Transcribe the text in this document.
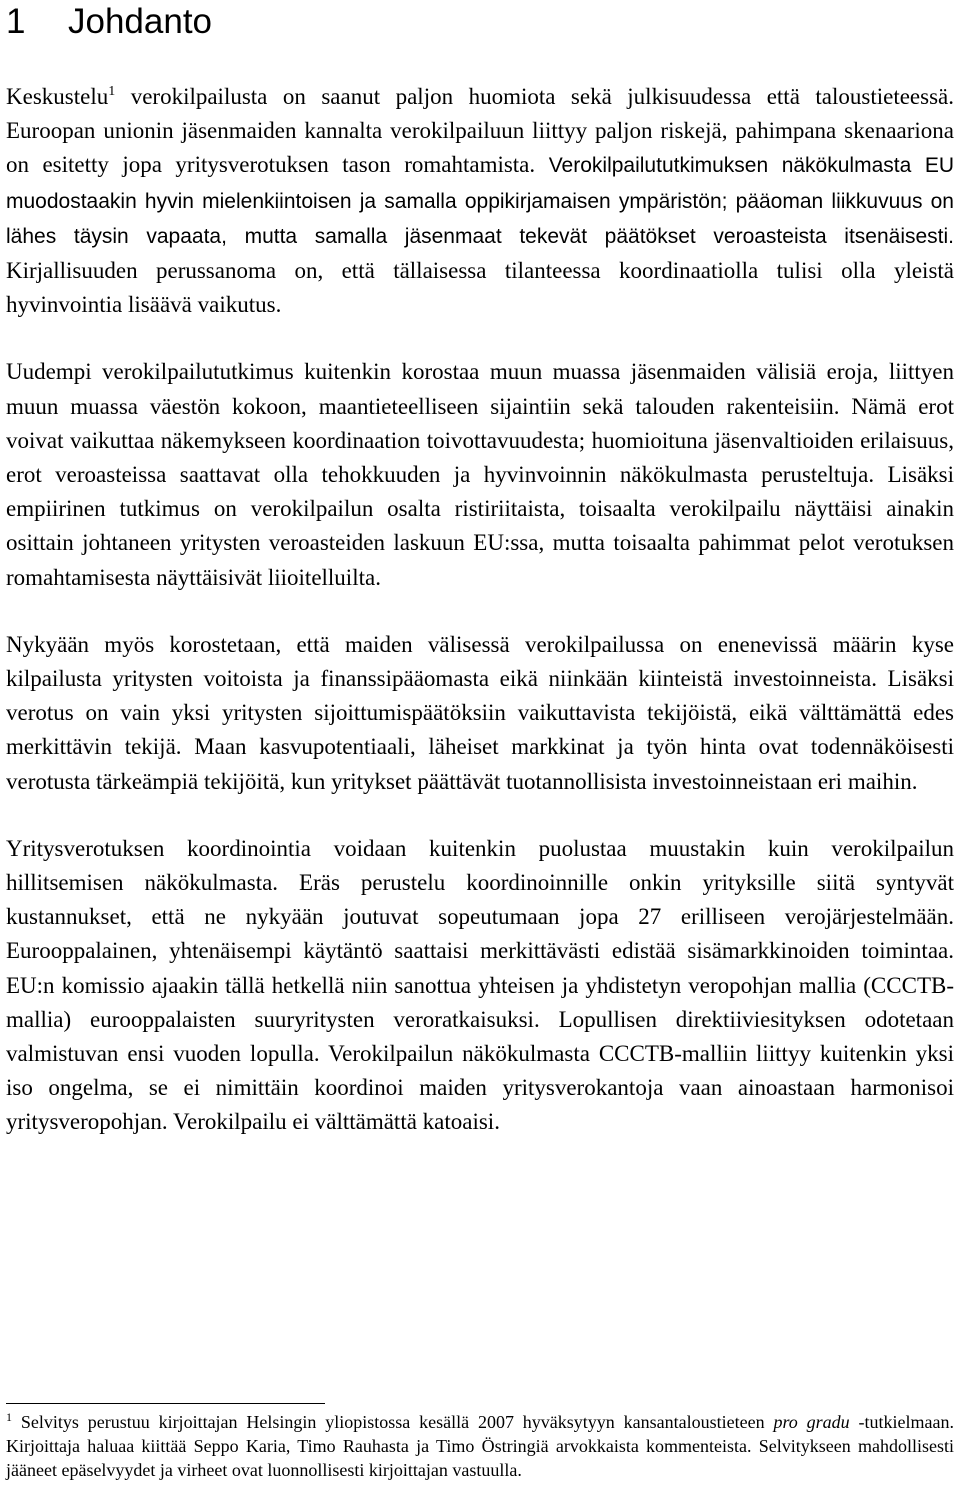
1 Johdanto

Keskustelu$^1$ verokilpailusta on saanut paljon huomiota sekä julkisuudessa että taloustieteessä. Euroopan unionin jäsenmaiden kannalta verokilpailuun liittyy paljon riskejä, pahimpana skenaariona on esitetty jopa yritysverotuksen tason romahtamista. Verokilpailututkimuksen näkökulmasta EU muodostaakin hyvin mielenkiintoisen ja samalla oppikirjamaisen ympäristön; pääoman liikkuvuus on lähes täysin vapaata, mutta samalla jäsenmaat tekevät päätökset veroasteista itsenäisesti. Kirjallisuuden perussanoma on, että tällaisessa tilanteessa koordinaatiolla tulisi olla yleistä hyvinvointia lisäävä vaikutus.

Uudempi verokilpailututkimus kuitenkin korostaa muun muassa jäsenmaiden välisiä eroja, liittyen muun muassa väestön kokoon, maantieteelliseen sijaintiin sekä talouden rakenteisiin. Nämä erot voivat vaikuttaa näkemykseen koordinaation toivottavuudesta; huomioituna jäsenvaltioiden erilaisuus, erot veroasteissa saattavat olla tehokkuuden ja hyvinvoinnin näkökulmasta perusteltuja. Lisäksi empiirinen tutkimus on verokilpailun osalta ristiriitaista, toisaalta verokilpailu näyttäisi ainakin osittain johtaneen yritysten veroasteiden laskuun EU:ssa, mutta toisaalta pahimmat pelot verotuksen romahtamisesta näyttäisivät liioitelluilta.

Nykyään myös korostetaan, että maiden välisessä verokilpailussa on enenevissä määrin kyse kilpailusta yritysten voitoista ja finanssipääomasta eikä niinkään kiinteistä investoinneista. Lisäksi verotus on vain yksi yritysten sijoittumispäätöksiin vaikuttavista tekijöistä, eikä välttämättä edes merkittävin tekijä. Maan kasvupotentiaali, läheiset markkinat ja työn hinta ovat todennäköisesti verotusta tärkeämpiä tekijöitä, kun yritykset päättävät tuotannollisista investoinneistaan eri maihin.

Yritysverotuksen koordinointia voidaan kuitenkin puolustaa muustakin kuin verokilpailun hillitsemisen näkökulmasta. Eräs perustelu koordinoinnille onkin yrityksille siitä syntyvät kustannukset, että ne nykyään joutuvat sopeutumaan jopa 27 erilliseen verojärjestelmään. Eurooppalainen, yhtenäisempi käytäntö saattaisi merkittävästi edistää sisämarkkinoiden toimintaa. EU:n komissio ajaakin tällä hetkellä niin sanottua yhteisen ja yhdistetyn veropohjan mallia (CCCTB-mallia) eurooppalaisten suuryritysten veroratkaisuksi. Lopullisen direktiiviesityksen odotetaan valmistuvan ensi vuoden lopulla. Verokilpailun näkökulmasta CCCTB-malliin liittyy kuitenkin yksi iso ongelma, se ei nimittäin koordinoi maiden yritysverokantoja vaan ainoastaan harmonisoi yritysveropohjan. Verokilpailu ei välttämättä katoaisi.

$^1$ Selvitys perustuu kirjoittajan Helsingin yliopistossa kesällä 2007 hyväksytyyn kansantaloustieteen pro gradu -tutkielmaan. Kirjoittaja haluaa kiittää Seppo Karia, Timo Rauhasta ja Timo Östringiä arvokkaista kommenteista. Selvitykseen mahdollisesti jääneet epäselvyydet ja virheet ovat luonnollisesti kirjoittajan vastuulla.
